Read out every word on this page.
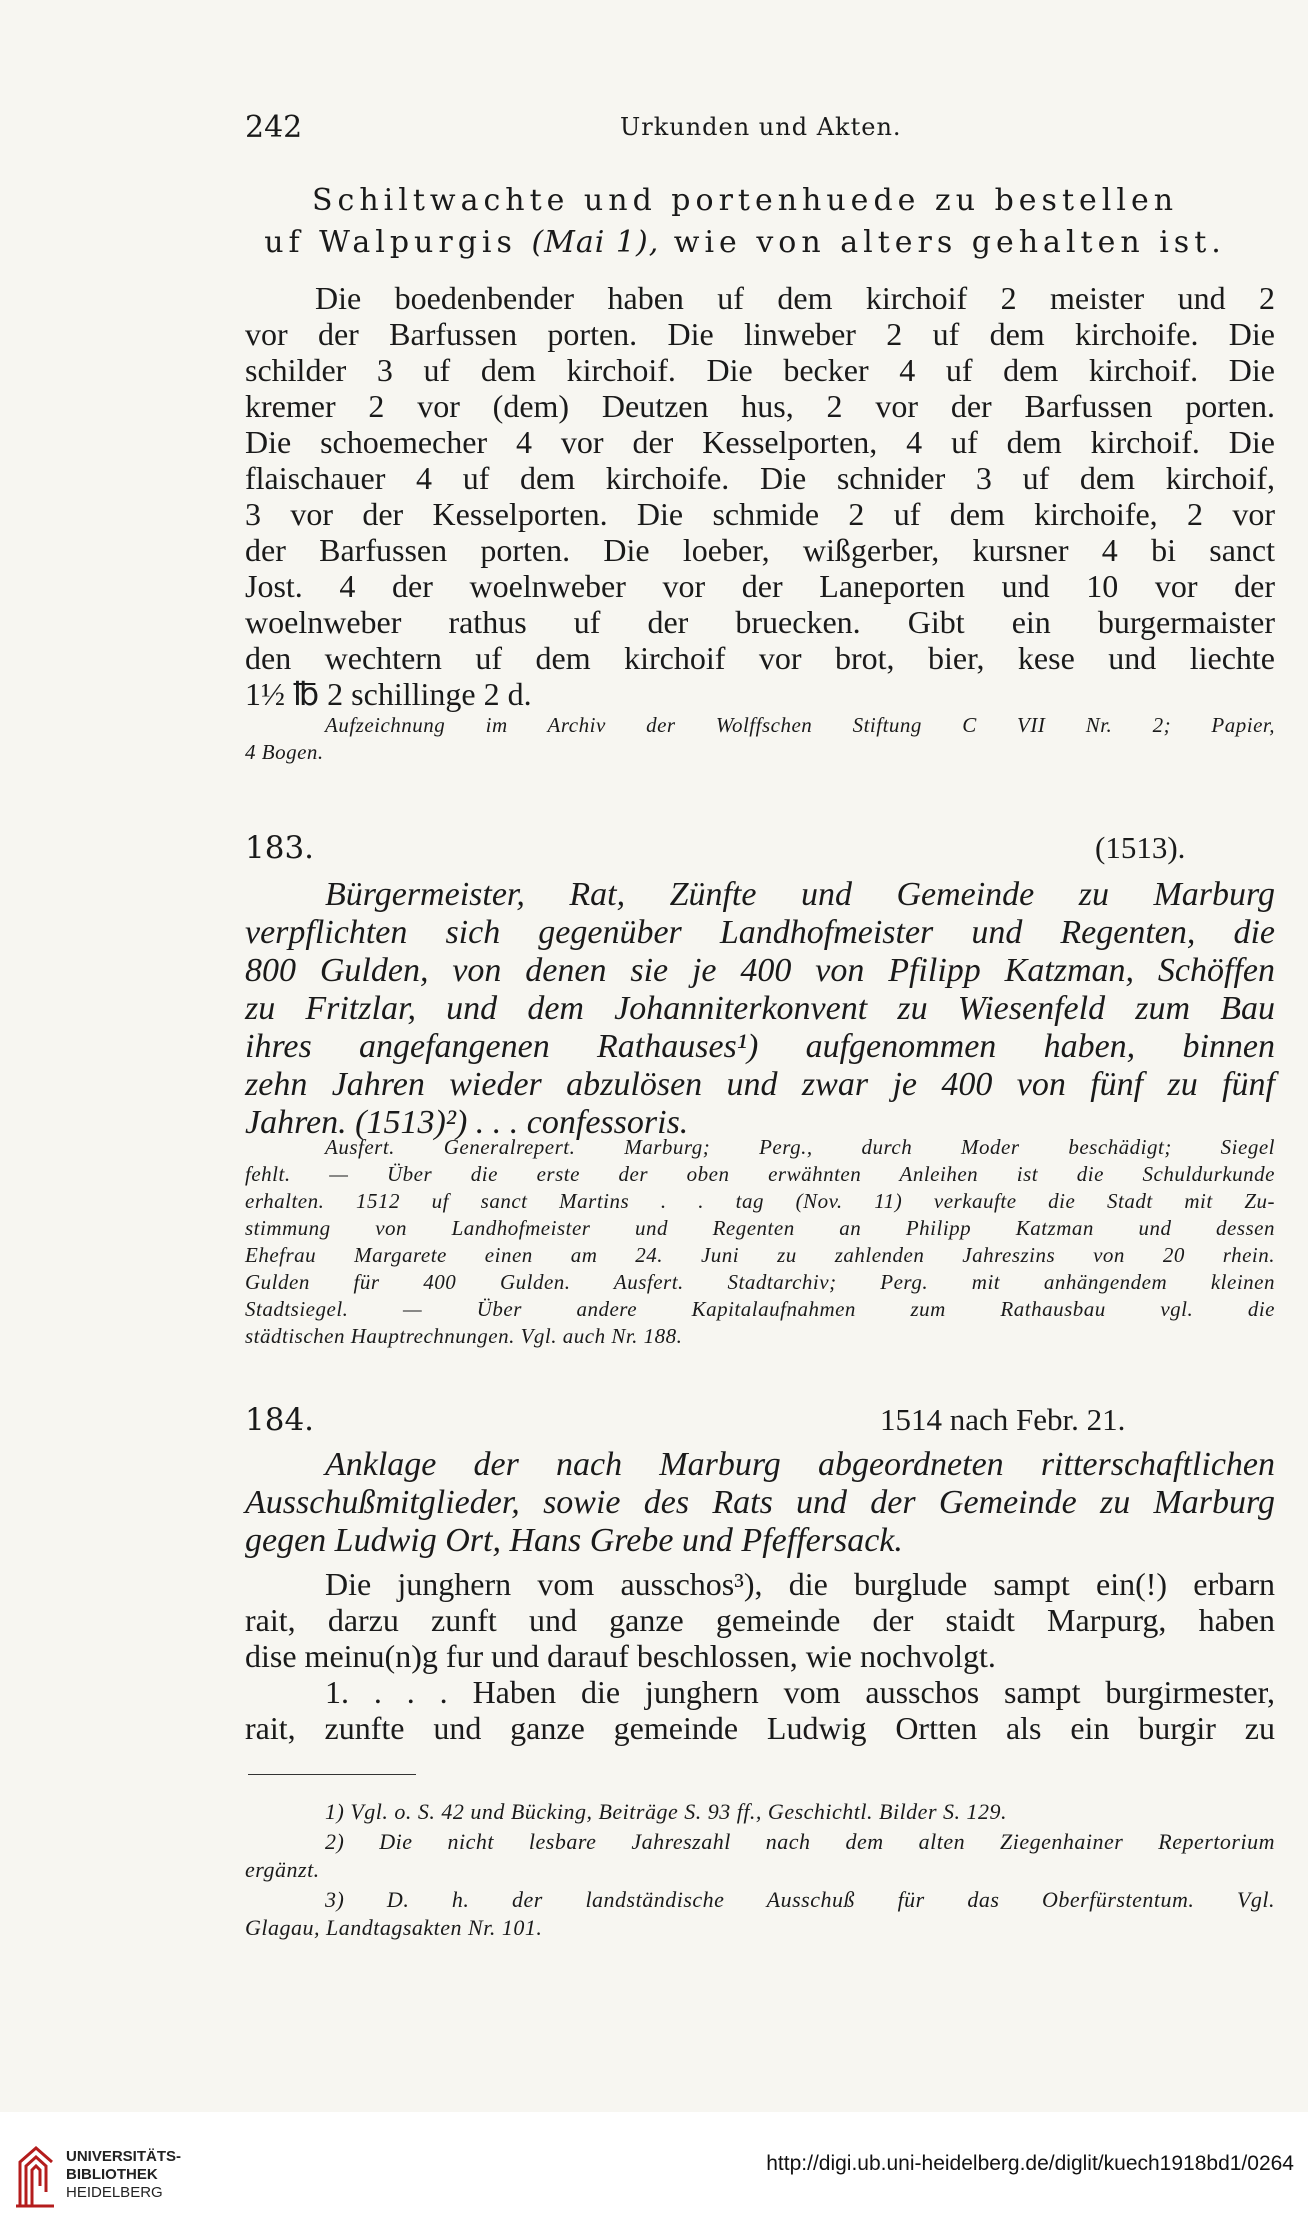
242	Urkunden und Akten.
Schiltwachte und portenhuede zu bestellen
uf Walpurgis (Mai 1), wie von alters gehalten ist.
Die boedenbender haben uf dem kirchoif 2 meister und 2
vor der Barfussen porten. Die linweber 2 uf dem kirchoife. Die
schilder 3 uf dem kirchoif. Die becker 4 uf dem kirchoif. Die
kremer 2 vor (dem) Deutzen hus, 2 vor der Barfussen porten.
Die schoemecher 4 vor der Kesselporten, 4 uf dem kirchoif. Die
flaischauer 4 uf dem kirchoife. Die schnider 3 uf dem kirchoif,
3 vor der Kesselporten. Die schmide 2 uf dem kirchoife, 2 vor
der Barfussen porten. Die loeber, wißgerber, kursner 4 bi sanct
Jost. 4 der woelnweber vor der Laneporten und 10 vor der
woelnweber rathus uf der bruecken. Gibt ein burgermaister
den wechtern uf dem kirchoif vor brot, bier, kese und liechte
1½ ℔ 2 schillinge 2 d.
Aufzeichnung im Archiv der Wolffschen Stiftung C VII Nr. 2; Papier,
4 Bogen.
183.	(1513).
Bürgermeister, Rat, Zünfte und Gemeinde zu Marburg
verpflichten sich gegenüber Landhofmeister und Regenten, die
800 Gulden, von denen sie je 400 von Pfilipp Katzman, Schöffen
zu Fritzlar, und dem Johanniterkonvent zu Wiesenfeld zum Bau
ihres angefangenen Rathauses¹) aufgenommen haben, binnen
zehn Jahren wieder abzulösen und zwar je 400 von fünf zu fünf
Jahren. (1513)²) . . . confessoris.
Ausfert. Generalrepert. Marburg; Perg., durch Moder beschädigt; Siegel
fehlt. — Über die erste der oben erwähnten Anleihen ist die Schuldurkunde
erhalten. 1512 uf sanct Martins . . tag (Nov. 11) verkaufte die Stadt mit Zu-
stimmung von Landhofmeister und Regenten an Philipp Katzman und dessen
Ehefrau Margarete einen am 24. Juni zu zahlenden Jahreszins von 20 rhein.
Gulden für 400 Gulden. Ausfert. Stadtarchiv; Perg. mit anhängendem kleinen
Stadtsiegel. — Über andere Kapitalaufnahmen zum Rathausbau vgl. die
städtischen Hauptrechnungen. Vgl. auch Nr. 188.
184.	1514 nach Febr. 21.
Anklage der nach Marburg abgeordneten ritterschaftlichen
Ausschußmitglieder, sowie des Rats und der Gemeinde zu Marburg
gegen Ludwig Ort, Hans Grebe und Pfeffersack.
Die junghern vom ausschos³), die burglude sampt ein(!) erbarn
rait, darzu zunft und ganze gemeinde der staidt Marpurg, haben
dise meinu(n)g fur und darauf beschlossen, wie nochvolgt.
1. . . . Haben die junghern vom ausschos sampt burgirmester,
rait, zunfte und ganze gemeinde Ludwig Ortten als ein burgir zu
1) Vgl. o. S. 42 und Bücking, Beiträge S. 93 ff., Geschichtl. Bilder S. 129.
2) Die nicht lesbare Jahreszahl nach dem alten Ziegenhainer Repertorium
ergänzt.
3) D. h. der landständische Ausschuß für das Oberfürstentum. Vgl.
Glagau, Landtagsakten Nr. 101.
UNIVERSITÄTS-
BIBLIOTHEK
HEIDELBERG
http://digi.ub.uni-heidelberg.de/diglit/kuech1918bd1/0264
